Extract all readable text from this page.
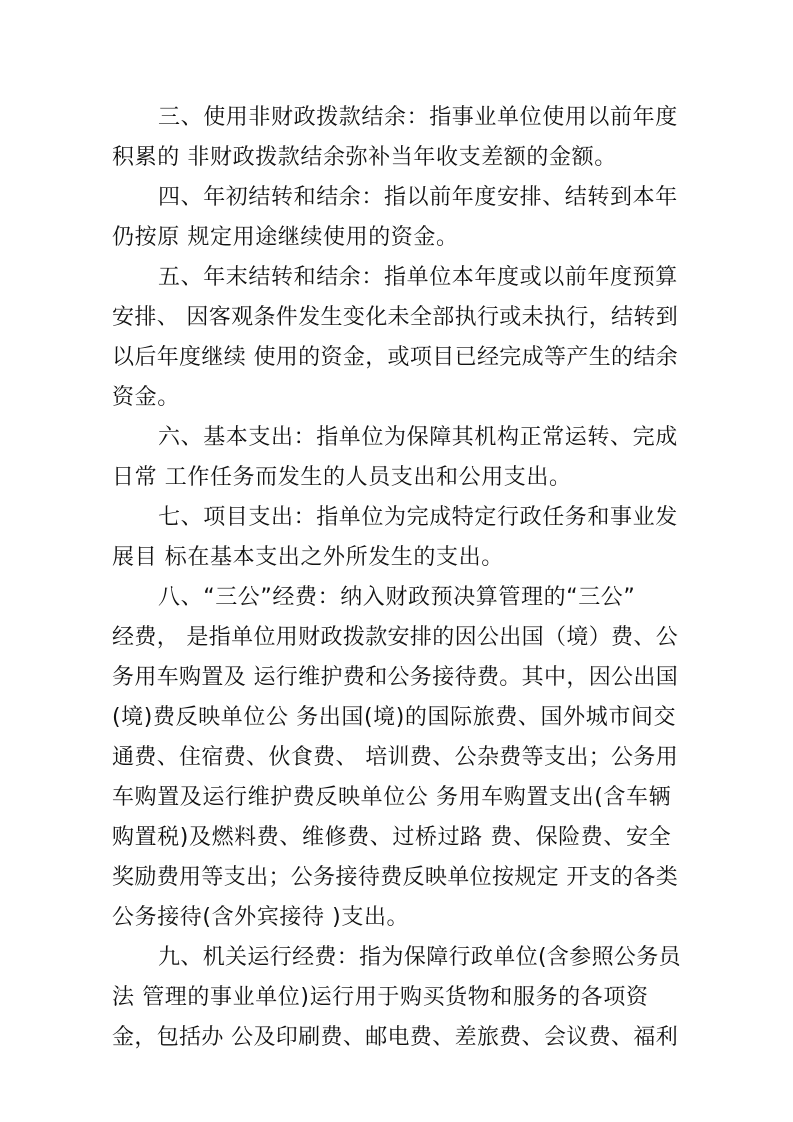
三、使用非财政拨款结余：指事业单位使用以前年度

积累的 非财政拨款结余弥补当年收支差额的金额。

四、年初结转和结余：指以前年度安排、结转到本年

仍按原 规定用途继续使用的资金。

五、年末结转和结余：指单位本年度或以前年度预算

安排、 因客观条件发生变化未全部执行或未执行，结转到

以后年度继续 使用的资金，或项目已经完成等产生的结余

资金。

六、基本支出：指单位为保障其机构正常运转、完成

日常 工作任务而发生的人员支出和公用支出。

七、项目支出：指单位为完成特定行政任务和事业发

展目 标在基本支出之外所发生的支出。

八、“三公”经费：纳入财政预决算管理的“三公”

经费， 是指单位用财政拨款安排的因公出国（境）费、公

务用车购置及 运行维护费和公务接待费。其中，因公出国

(境)费反映单位公 务出国(境)的国际旅费、国外城市间交

通费、住宿费、伙食费、 培训费、公杂费等支出；公务用

车购置及运行维护费反映单位公 务用车购置支出(含车辆

购置税)及燃料费、维修费、过桥过路 费、保险费、安全

奖励费用等支出；公务接待费反映单位按规定 开支的各类

公务接待(含外宾接待 )支出。

九、机关运行经费：指为保障行政单位(含参照公务员

法 管理的事业单位)运行用于购买货物和服务的各项资

金，包括办 公及印刷费、邮电费、差旅费、会议费、福利
